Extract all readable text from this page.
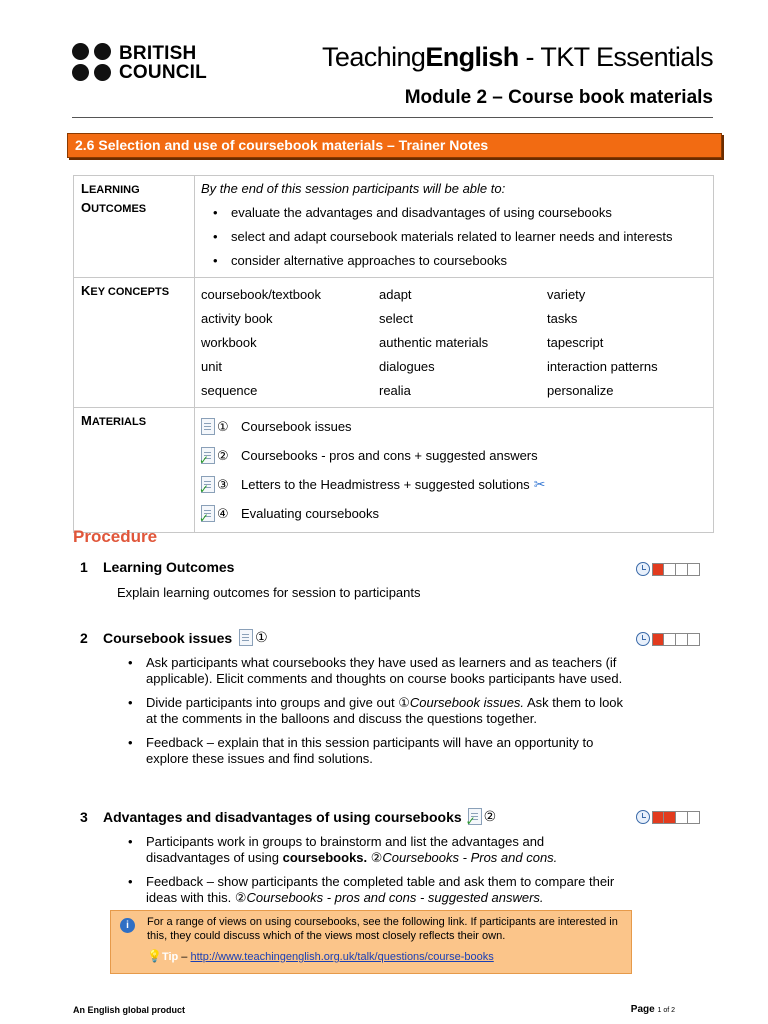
BRITISH
COUNCIL
TeachingEnglish - TKT Essentials
Module 2 – Course book materials
2.6 Selection and use of coursebook materials – Trainer Notes
LEARNING
OUTCOMES	
By the end of this session participants will be able to:
• evaluate the advantages and disadvantages of using coursebooks
• select and adapt coursebook materials related to learner needs and interests
• consider alternative approaches to coursebooks

KEY CONCEPTS	coursebook/textbook	adapt	variety
activity book	select	tasks
workbook	authentic materials	tapescript
unit	dialogues	interaction patterns
sequence	realia	personalize

MATERIALS	① Coursebook issues
✓
② Coursebooks - pros and cons + suggested answers
✓
③ Letters to the Headmistress + suggested solutions ✂
✓
④ Evaluating coursebooks
Procedure
1	Learning Outcomes
Explain learning outcomes for session to participants
2	Coursebook issues ①
• Ask participants what coursebooks they have used as learners and as teachers (if applicable). Elicit comments and thoughts on course books participants have used.
• Divide participants into groups and give out ①Coursebook issues. Ask them to look at the comments in the balloons and discuss the questions together.
• Feedback – explain that in this session participants will have an opportunity to explore these issues and find solutions.
3	Advantages and disadvantages of using coursebooks
✓ ②
• Participants work in groups to brainstorm and list the advantages and disadvantages of using coursebooks. ②Coursebooks - Pros and cons.
• Feedback – show participants the completed table and ask them to compare their ideas with this. ②Coursebooks - pros and cons - suggested answers.
i	For a range of views on using coursebooks, see the following link. If participants are interested in this, they could discuss which of the views most closely reflects their own.
💡Tip – http://www.teachingenglish.org.uk/talk/questions/course-books
An English global product	Page 1 of 2
